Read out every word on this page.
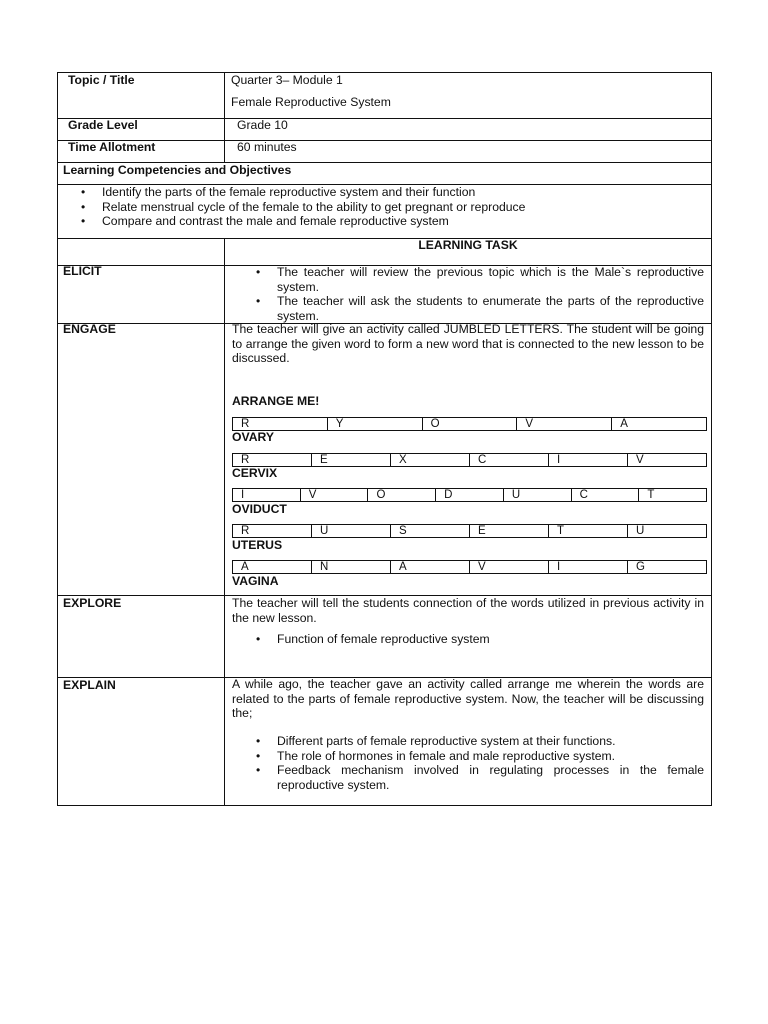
Topic / Title	Quarter 3– Module 1
Female Reproductive System
Grade Level	Grade 10
Time Allotment	60 minutes
Learning Competencies and Objectives
• Identify the parts of the female reproductive system and their function
• Relate menstrual cycle of the female to the ability to get pregnant or reproduce
• Compare and contrast the male and female reproductive system
LEARNING TASK
ELICIT
•	The teacher will review the previous topic which is the Male`s reproductive system.
• The teacher will ask the students to enumerate the parts of the reproductive system.
ENGAGE	The teacher will give an activity called JUMBLED LETTERS. The student will be going to arrange the given word to form a new word that is connected to the new lesson to be discussed.
ARRANGE ME!
R	Y	O	V	A
OVARY
R	E	X	C	I	V
CERVIX
I	V	O	D	U	C	T
OVIDUCT
R	U	S	E	T	U
UTERUS
A	N	A	V	I	G
VAGINA
EXPLORE	The teacher will tell the students connection of the words utilized in previous activity in the new lesson.
• Function of female reproductive system
EXPLAIN	A while ago, the teacher gave an activity called arrange me wherein the words are related to the parts of female reproductive system. Now, the teacher will be discussing the;
• Different parts of female reproductive system at their functions.
• The role of hormones in female and male reproductive system.
• Feedback mechanism involved in regulating processes in the female reproductive system.
